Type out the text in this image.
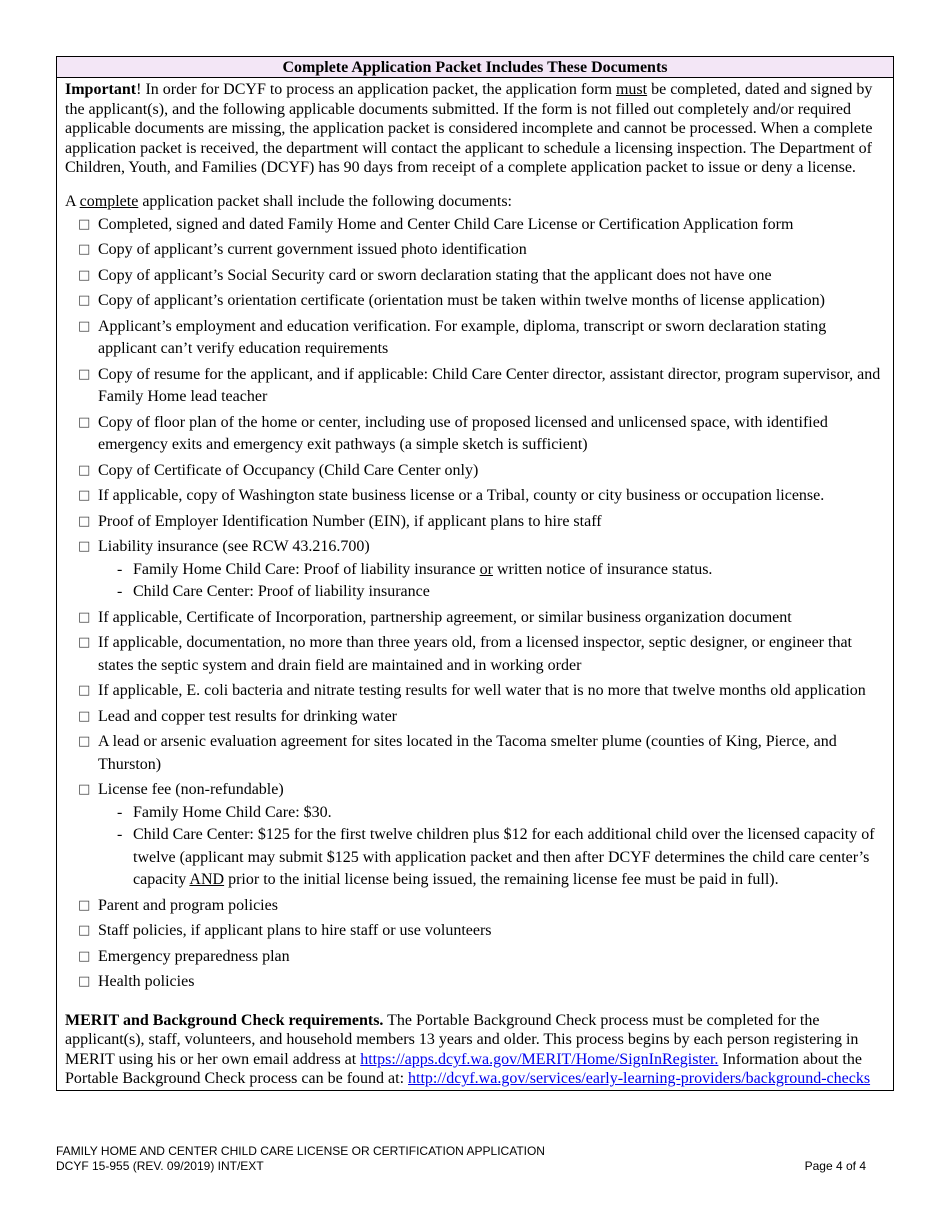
Complete Application Packet Includes These Documents

Important! In order for DCYF to process an application packet, the application form must be completed, dated and signed by the applicant(s), and the following applicable documents submitted. If the form is not filled out completely and/or required applicable documents are missing, the application packet is considered incomplete and cannot be processed. When a complete application packet is received, the department will contact the applicant to schedule a licensing inspection. The Department of Children, Youth, and Families (DCYF) has 90 days from receipt of a complete application packet to issue or deny a license.

A complete application packet shall include the following documents:

□ Completed, signed and dated Family Home and Center Child Care License or Certification Application form
□ Copy of applicant’s current government issued photo identification
□ Copy of applicant’s Social Security card or sworn declaration stating that the applicant does not have one
□ Copy of applicant’s orientation certificate (orientation must be taken within twelve months of license application)
□ Applicant’s employment and education verification. For example, diploma, transcript or sworn declaration stating applicant can’t verify education requirements
□ Copy of resume for the applicant, and if applicable: Child Care Center director, assistant director, program supervisor, and Family Home lead teacher
□ Copy of floor plan of the home or center, including use of proposed licensed and unlicensed space, with identified emergency exits and emergency exit pathways (a simple sketch is sufficient)
□ Copy of Certificate of Occupancy (Child Care Center only)
□ If applicable, copy of Washington state business license or a Tribal, county or city business or occupation license.
□ Proof of Employer Identification Number (EIN), if applicant plans to hire staff
□ Liability insurance (see RCW 43.216.700)
- Family Home Child Care: Proof of liability insurance or written notice of insurance status.
- Child Care Center: Proof of liability insurance
□ If applicable, Certificate of Incorporation, partnership agreement, or similar business organization document
□ If applicable, documentation, no more than three years old, from a licensed inspector, septic designer, or engineer that states the septic system and drain field are maintained and in working order
□ If applicable, E. coli bacteria and nitrate testing results for well water that is no more that twelve months old application
□ Lead and copper test results for drinking water
□ A lead or arsenic evaluation agreement for sites located in the Tacoma smelter plume (counties of King, Pierce, and Thurston)
□ License fee (non-refundable)
- Family Home Child Care: $30.
- Child Care Center: $125 for the first twelve children plus $12 for each additional child over the licensed capacity of twelve (applicant may submit $125 with application packet and then after DCYF determines the child care center’s capacity AND prior to the initial license being issued, the remaining license fee must be paid in full).
□ Parent and program policies
□ Staff policies, if applicant plans to hire staff or use volunteers
□ Emergency preparedness plan
□ Health policies

MERIT and Background Check requirements. The Portable Background Check process must be completed for the applicant(s), staff, volunteers, and household members 13 years and older. This process begins by each person registering in MERIT using his or her own email address at https://apps.dcyf.wa.gov/MERIT/Home/SignInRegister. Information about the Portable Background Check process can be found at: http://dcyf.wa.gov/services/early-learning-providers/background-checks

FAMILY HOME AND CENTER CHILD CARE LICENSE OR CERTIFICATION APPLICATION
DCYF 15-955 (REV. 09/2019) INT/EXT	Page 4 of 4
